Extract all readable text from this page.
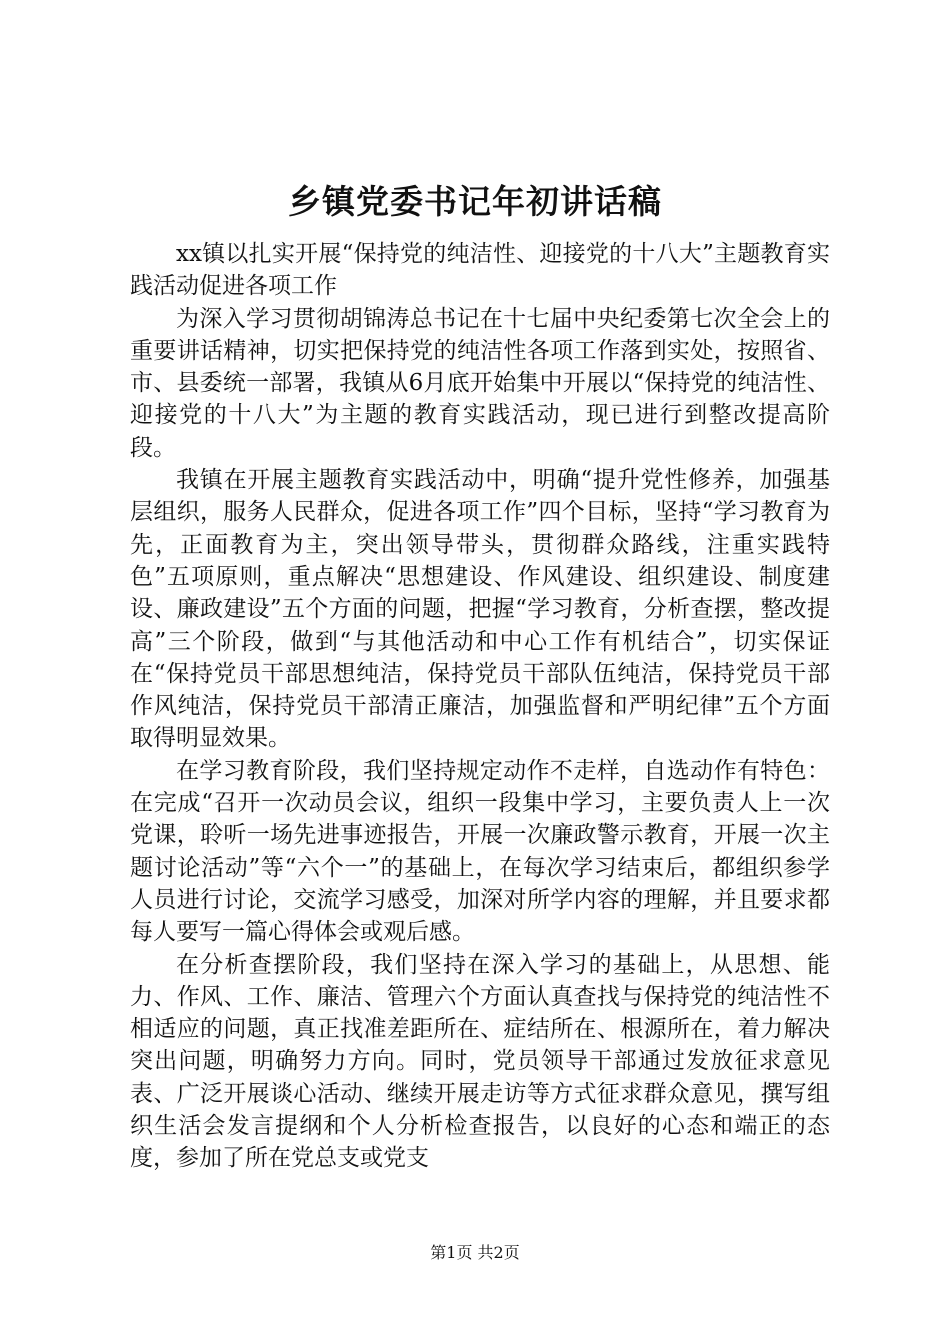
乡镇党委书记年初讲话稿

xx镇以扎实开展“保持党的纯洁性、迎接党的十八大”主题教育实践活动促进各项工作

为深入学习贯彻胡锦涛总书记在十七届中央纪委第七次全会上的重要讲话精神，切实把保持党的纯洁性各项工作落到实处，按照省、市、县委统一部署，我镇从6月底开始集中开展以“保持党的纯洁性、迎接党的十八大”为主题的教育实践活动，现已进行到整改提高阶段。

我镇在开展主题教育实践活动中，明确“提升党性修养，加强基层组织，服务人民群众，促进各项工作”四个目标，坚持“学习教育为先，正面教育为主，突出领导带头，贯彻群众路线，注重实践特色”五项原则，重点解决“思想建设、作风建设、组织建设、制度建设、廉政建设”五个方面的问题，把握“学习教育，分析查摆，整改提高”三个阶段，做到“与其他活动和中心工作有机结合”，切实保证在“保持党员干部思想纯洁，保持党员干部队伍纯洁，保持党员干部作风纯洁，保持党员干部清正廉洁，加强监督和严明纪律”五个方面取得明显效果。

在学习教育阶段，我们坚持规定动作不走样，自选动作有特色：在完成“召开一次动员会议，组织一段集中学习，主要负责人上一次党课，聆听一场先进事迹报告，开展一次廉政警示教育，开展一次主题讨论活动”等“六个一”的基础上，在每次学习结束后，都组织参学人员进行讨论，交流学习感受，加深对所学内容的理解，并且要求都每人要写一篇心得体会或观后感。

在分析查摆阶段，我们坚持在深入学习的基础上，从思想、能力、作风、工作、廉洁、管理六个方面认真查找与保持党的纯洁性不相适应的问题，真正找准差距所在、症结所在、根源所在，着力解决突出问题，明确努力方向。同时，党员领导干部通过发放征求意见表、广泛开展谈心活动、继续开展走访等方式征求群众意见，撰写组织生活会发言提纲和个人分析检查报告，以良好的心态和端正的态度，参加了所在党总支或党支

第1页 共2页
